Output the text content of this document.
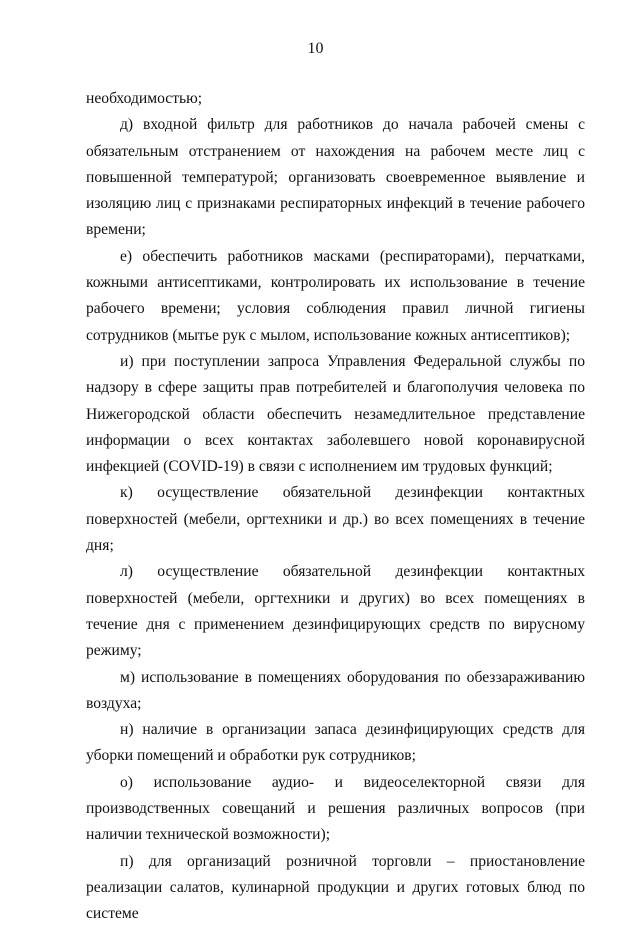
10

необходимостью;

д) входной фильтр для работников до начала рабочей смены с обязательным отстранением от нахождения на рабочем месте лиц с повышенной температурой; организовать своевременное выявление и изоляцию лиц с признаками респираторных инфекций в течение рабочего времени;

е) обеспечить работников масками (респираторами), перчатками, кожными антисептиками, контролировать их использование в течение рабочего времени; условия соблюдения правил личной гигиены сотрудников (мытье рук с мылом, использование кожных антисептиков);

и) при поступлении запроса Управления Федеральной службы по надзору в сфере защиты прав потребителей и благополучия человека по Нижегородской области обеспечить незамедлительное представление информации о всех контактах заболевшего новой коронавирусной инфекцией (COVID-19) в связи с исполнением им трудовых функций;

к) осуществление обязательной дезинфекции контактных поверхностей (мебели, оргтехники и др.) во всех помещениях в течение дня;

л) осуществление обязательной дезинфекции контактных поверхностей (мебели, оргтехники и других) во всех помещениях в течение дня с применением дезинфицирующих средств по вирусному режиму;

м) использование в помещениях оборудования по обеззараживанию воздуха;

н) наличие в организации запаса дезинфицирующих средств для уборки помещений и обработки рук сотрудников;

о) использование аудио- и видеоселекторной связи для производственных совещаний и решения различных вопросов (при наличии технической возможности);

п) для организаций розничной торговли – приостановление реализации салатов, кулинарной продукции и других готовых блюд по системе
